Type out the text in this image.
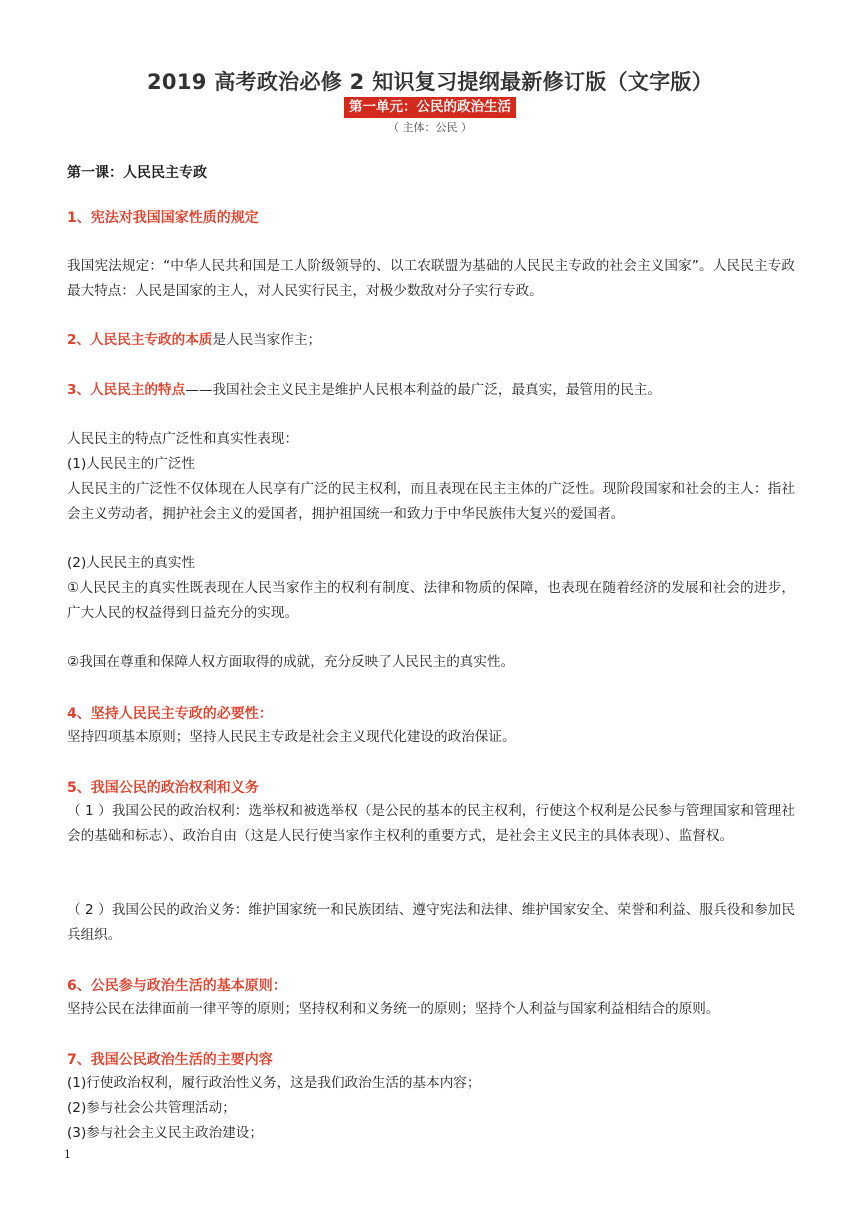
2019 高考政治必修 2 知识复习提纲最新修订版（文字版）
第一单元：公民的政治生活
（ 主体：公民 ）
第一课：人民民主专政
1、宪法对我国国家性质的规定
我国宪法规定：“中华人民共和国是工人阶级领导的、以工农联盟为基础的人民民主专政的社会主义国家”。人民民主专政最大特点：人民是国家的主人，对人民实行民主，对极少数敌对分子实行专政。
2、人民民主专政的本质是人民当家作主；
3、人民民主的特点——我国社会主义民主是维护人民根本利益的最广泛，最真实，最管用的民主。
人民民主的特点广泛性和真实性表现：
(1)人民民主的广泛性
人民民主的广泛性不仅体现在人民享有广泛的民主权利，而且表现在民主主体的广泛性。现阶段国家和社会的主人：指社会主义劳动者，拥护社会主义的爱国者，拥护祖国统一和致力于中华民族伟大复兴的爱国者。
(2)人民民主的真实性
①人民民主的真实性既表现在人民当家作主的权利有制度、法律和物质的保障，也表现在随着经济的发展和社会的进步，广大人民的权益得到日益充分的实现。
②我国在尊重和保障人权方面取得的成就，充分反映了人民民主的真实性。
4、坚持人民民主专政的必要性：
坚持四项基本原则；坚持人民民主专政是社会主义现代化建设的政治保证。
5、我国公民的政治权利和义务
（ 1 ）我国公民的政治权利：选举权和被选举权（是公民的基本的民主权利，行使这个权利是公民参与管理国家和管理社会的基础和标志）、政治自由（这是人民行使当家作主权利的重要方式，是社会主义民主的具体表现）、监督权。
（ 2 ）我国公民的政治义务：维护国家统一和民族团结、遵守宪法和法律、维护国家安全、荣誉和利益、服兵役和参加民兵组织。
6、公民参与政治生活的基本原则：
坚持公民在法律面前一律平等的原则；坚持权利和义务统一的原则；坚持个人利益与国家利益相结合的原则。
7、我国公民政治生活的主要内容
(1)行使政治权利，履行政治性义务，这是我们政治生活的基本内容；
(2)参与社会公共管理活动；
(3)参与社会主义民主政治建设；
1
